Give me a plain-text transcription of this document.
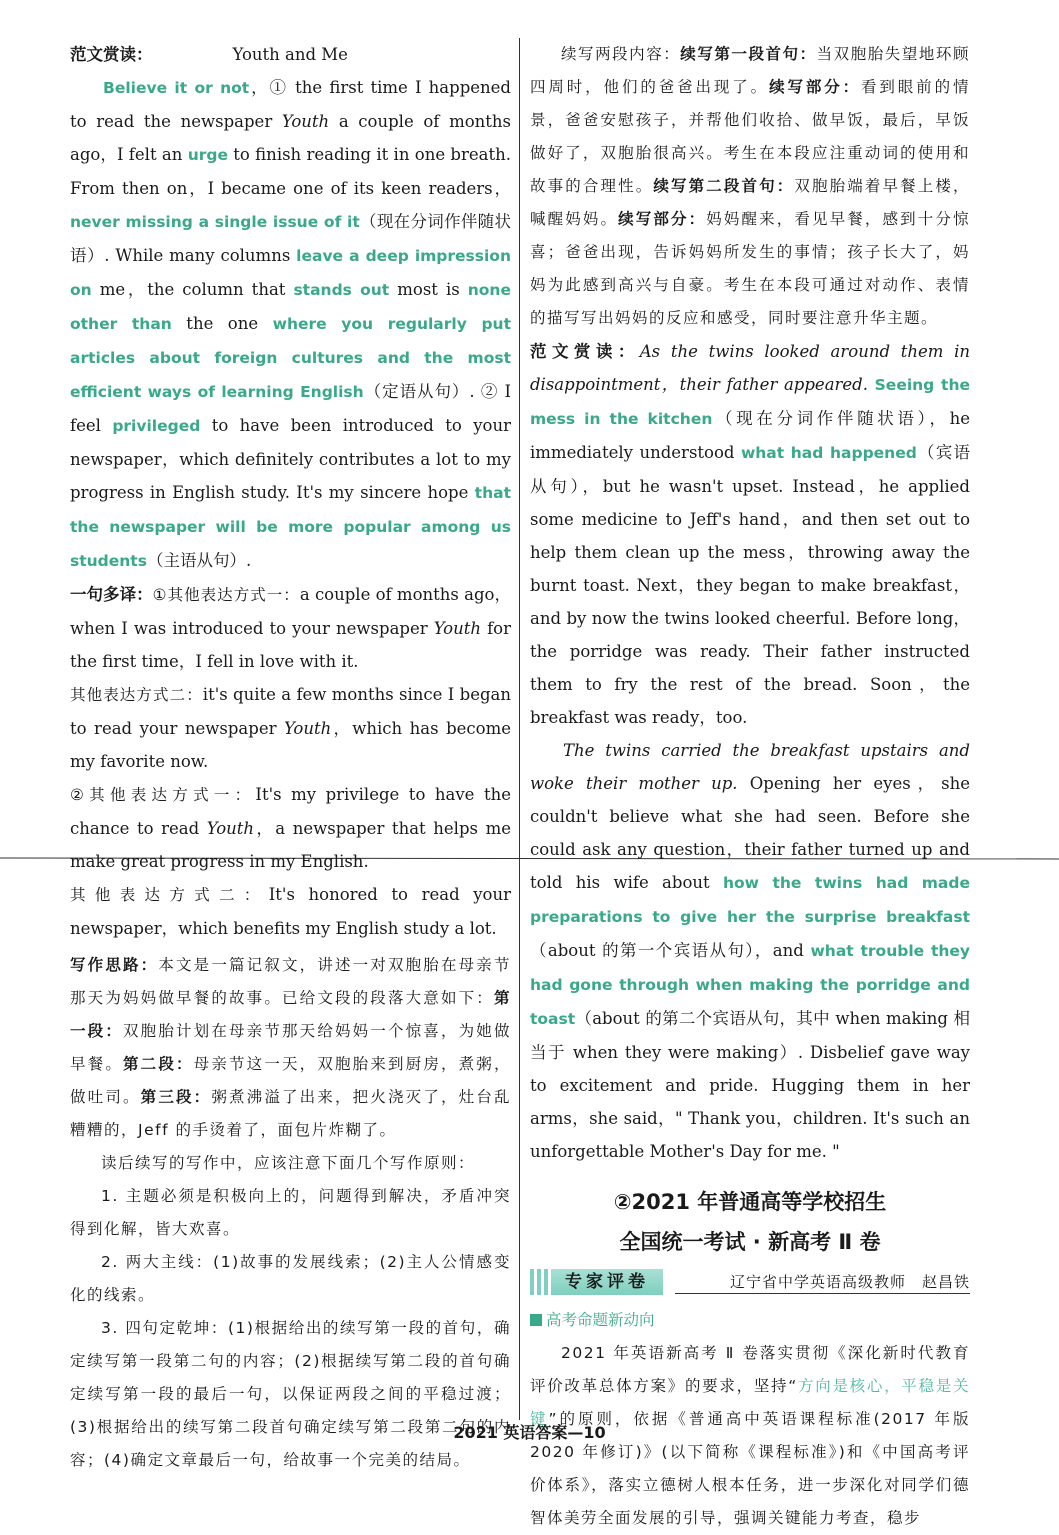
范文赏读：	Youth and Me

Believe it or not，① the first time I happened to read the newspaper Youth a couple of months ago，I felt an urge to finish reading it in one breath. From then on，I became one of its keen readers，never missing a single issue of it（现在分词作伴随状语）. While many columns leave a deep impression on me，the column that stands out most is none other than the one where you regularly put articles about foreign cultures and the most efficient ways of learning English（定语从句）. ② I feel privileged to have been introduced to your newspaper，which definitely contributes a lot to my progress in English study. It's my sincere hope that the newspaper will be more popular among us students（主语从句）.

一句多译：①其他表达方式一：a couple of months ago，when I was introduced to your newspaper Youth for the first time，I fell in love with it.

其他表达方式二：it's quite a few months since I began to read your newspaper Youth，which has become my favorite now.

②其他表达方式一：It's my privilege to have the chance to read Youth，a newspaper that helps me make great progress in my English.

其他表达方式二：It's honored to read your newspaper，which benefits my English study a lot.

写作思路：本文是一篇记叙文，讲述一对双胞胎在母亲节那天为妈妈做早餐的故事。已给文段的段落大意如下：第一段：双胞胎计划在母亲节那天给妈妈一个惊喜，为她做早餐。第二段：母亲节这一天，双胞胎来到厨房，煮粥，做吐司。第三段：粥煮沸溢了出来，把火浇灭了，灶台乱糟糟的，Jeff 的手烫着了，面包片炸糊了。

读后续写的写作中，应该注意下面几个写作原则：

1. 主题必须是积极向上的，问题得到解决，矛盾冲突得到化解，皆大欢喜。

2. 两大主线：(1)故事的发展线索；(2)主人公情感变化的线索。

3. 四句定乾坤：(1)根据给出的续写第一段的首句，确定续写第一段第二句的内容；(2)根据续写第二段的首句确定续写第一段的最后一句，以保证两段之间的平稳过渡；(3)根据给出的续写第二段首句确定续写第二段第二句的内容；(4)确定文章最后一句，给故事一个完美的结局。

续写两段内容：续写第一段首句：当双胞胎失望地环顾四周时，他们的爸爸出现了。续写部分：看到眼前的情景，爸爸安慰孩子，并帮他们收拾、做早饭，最后，早饭做好了，双胞胎很高兴。考生在本段应注重动词的使用和故事的合理性。续写第二段首句：双胞胎端着早餐上楼，喊醒妈妈。续写部分：妈妈醒来，看见早餐，感到十分惊喜；爸爸出现，告诉妈妈所发生的事情；孩子长大了，妈妈为此感到高兴与自豪。考生在本段可通过对动作、表情的描写写出妈妈的反应和感受，同时要注意升华主题。

范文赏读：As the twins looked around them in disappointment，their father appeared. Seeing the mess in the kitchen（现在分词作伴随状语），he immediately understood what had happened（宾语从句），but he wasn't upset. Instead，he applied some medicine to Jeff's hand，and then set out to help them clean up the mess，throwing away the burnt toast. Next，they began to make breakfast，and by now the twins looked cheerful. Before long，the porridge was ready. Their father instructed them to fry the rest of the bread. Soon，the breakfast was ready，too.

The twins carried the breakfast upstairs and woke their mother up. Opening her eyes，she couldn't believe what she had seen. Before she could ask any question，their father turned up and told his wife about how the twins had made preparations to give her the surprise breakfast（about 的第一个宾语从句），and what trouble they had gone through when making the porridge and toast（about 的第二个宾语从句，其中 when making 相当于 when they were making）. Disbelief gave way to excitement and pride. Hugging them in her arms，she said，" Thank you，children. It's such an unforgettable Mother's Day for me. "

②2021 年普通高等学校招生
全国统一考试 · 新高考 Ⅱ 卷
专家评卷	辽宁省中学英语高级教师　赵昌铁
高考命题新动向

2021 年英语新高考 Ⅱ 卷落实贯彻《深化新时代教育评价改革总体方案》的要求，坚持“方向是核心，平稳是关键”的原则，依据《普通高中英语课程标准(2017 年版 2020 年修订)》(以下简称《课程标准》)和《中国高考评价体系》，落实立德树人根本任务，进一步深化对同学们德智体美劳全面发展的引导，强调关键能力考查，稳步

2021 英语答案—10
